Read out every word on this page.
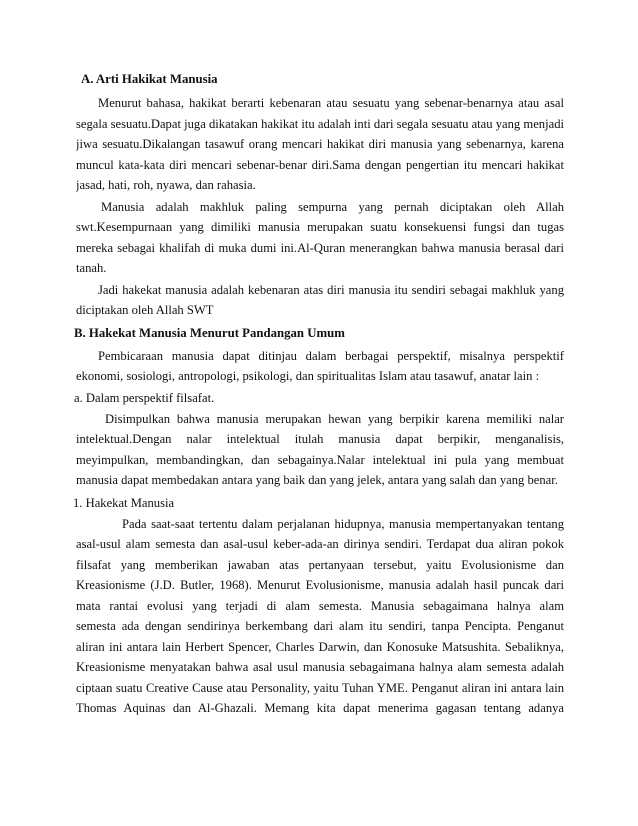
A. Arti Hakikat Manusia
Menurut bahasa, hakikat berarti kebenaran atau sesuatu yang sebenar-benarnya atau asal
segala sesuatu.Dapat juga dikatakan hakikat itu adalah inti dari segala sesuatu atau yang menjadi
jiwa sesuatu.Dikalangan tasawuf orang mencari hakikat diri manusia yang sebenarnya, karena
muncul kata-kata diri mencari sebenar-benar diri.Sama dengan pengertian itu mencari hakikat
jasad, hati, roh, nyawa, dan rahasia.
Manusia adalah makhluk paling sempurna yang pernah diciptakan oleh Allah
swt.Kesempurnaan yang dimiliki manusia merupakan suatu konsekuensi fungsi dan tugas
mereka sebagai khalifah di muka dumi ini.Al-Quran menerangkan bahwa manusia berasal dari
tanah.
Jadi hakekat manusia adalah kebenaran atas diri manusia itu sendiri sebagai makhluk yang
diciptakan oleh Allah SWT
B. Hakekat Manusia Menurut Pandangan Umum
Pembicaraan manusia dapat ditinjau dalam berbagai perspektif, misalnya perspektif
ekonomi, sosiologi, antropologi, psikologi, dan spiritualitas Islam atau tasawuf, anatar lain :
a. Dalam perspektif filsafat.
Disimpulkan bahwa manusia merupakan hewan yang berpikir karena memiliki nalar
intelektual.Dengan nalar intelektual itulah manusia dapat berpikir, menganalisis,
meyimpulkan, membandingkan, dan sebagainya.Nalar intelektual ini pula yang membuat
manusia dapat membedakan antara yang baik dan yang jelek, antara yang salah dan yang benar.
1. Hakekat Manusia
Pada saat-saat tertentu dalam perjalanan hidupnya, manusia mempertanyakan tentang
asal-usul alam semesta dan asal-usul keber-ada-an dirinya sendiri. Terdapat dua aliran pokok
filsafat yang memberikan jawaban atas pertanyaan tersebut, yaitu Evolusionisme dan
Kreasionisme (J.D. Butler, 1968). Menurut Evolusionisme, manusia adalah hasil puncak dari
mata rantai evolusi yang terjadi di alam semesta. Manusia sebagaimana halnya alam
semesta ada dengan sendirinya berkembang dari alam itu sendiri, tanpa Pencipta. Penganut
aliran ini antara lain Herbert Spencer, Charles Darwin, dan Konosuke Matsushita. Sebaliknya,
Kreasionisme menyatakan bahwa asal usul manusia sebagaimana halnya alam semesta adalah
ciptaan suatu Creative Cause atau Personality, yaitu Tuhan YME. Penganut aliran ini antara lain
Thomas Aquinas dan Al-Ghazali. Memang kita dapat menerima gagasan tentang adanya
